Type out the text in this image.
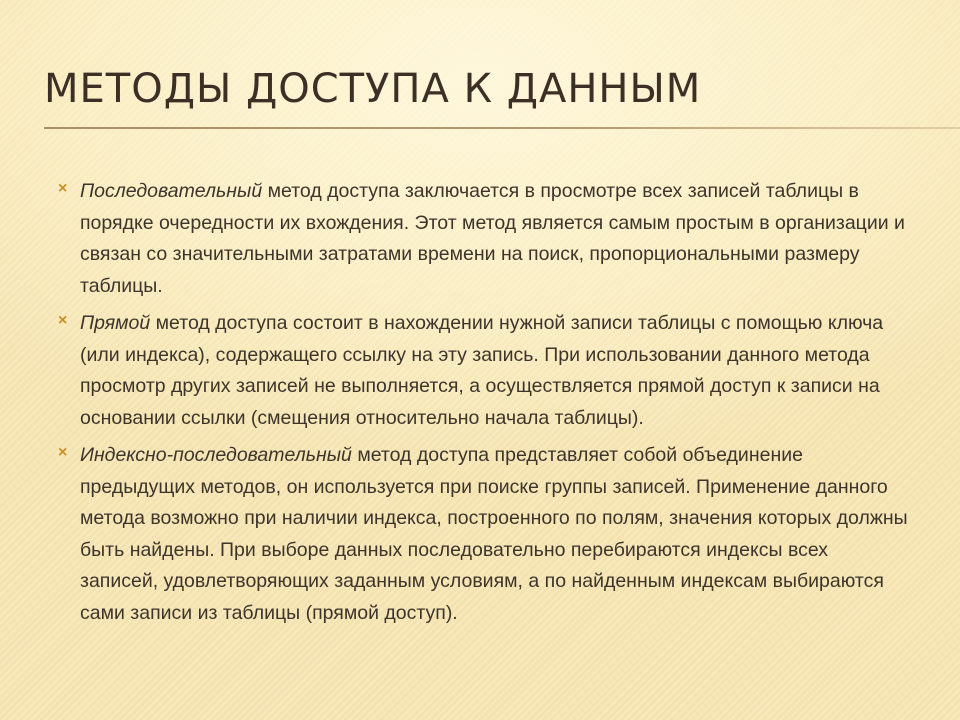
МЕТОДЫ ДОСТУПА К ДАННЫМ
× Последовательный метод доступа заключается в просмотре всех записей таблицы в порядке очередности их вхождения. Этот метод является самым простым в организации и связан со значительными затратами времени на поиск, пропорциональными размеру таблицы.
× Прямой метод доступа состоит в нахождении нужной записи таблицы с помощью ключа (или индекса), содержащего ссылку на эту запись. При использовании данного метода просмотр других записей не выполняется, а осуществляется прямой доступ к записи на основании ссылки (смещения относительно начала таблицы).
× Индексно-последовательный метод доступа представляет собой объединение предыдущих методов, он используется при поиске группы записей. Применение данного метода возможно при наличии индекса, построенного по полям, значения которых должны быть найдены. При выборе данных последовательно перебираются индексы всех записей, удовлетворяющих заданным условиям, а по найденным индексам выбираются сами записи из таблицы (прямой доступ).
